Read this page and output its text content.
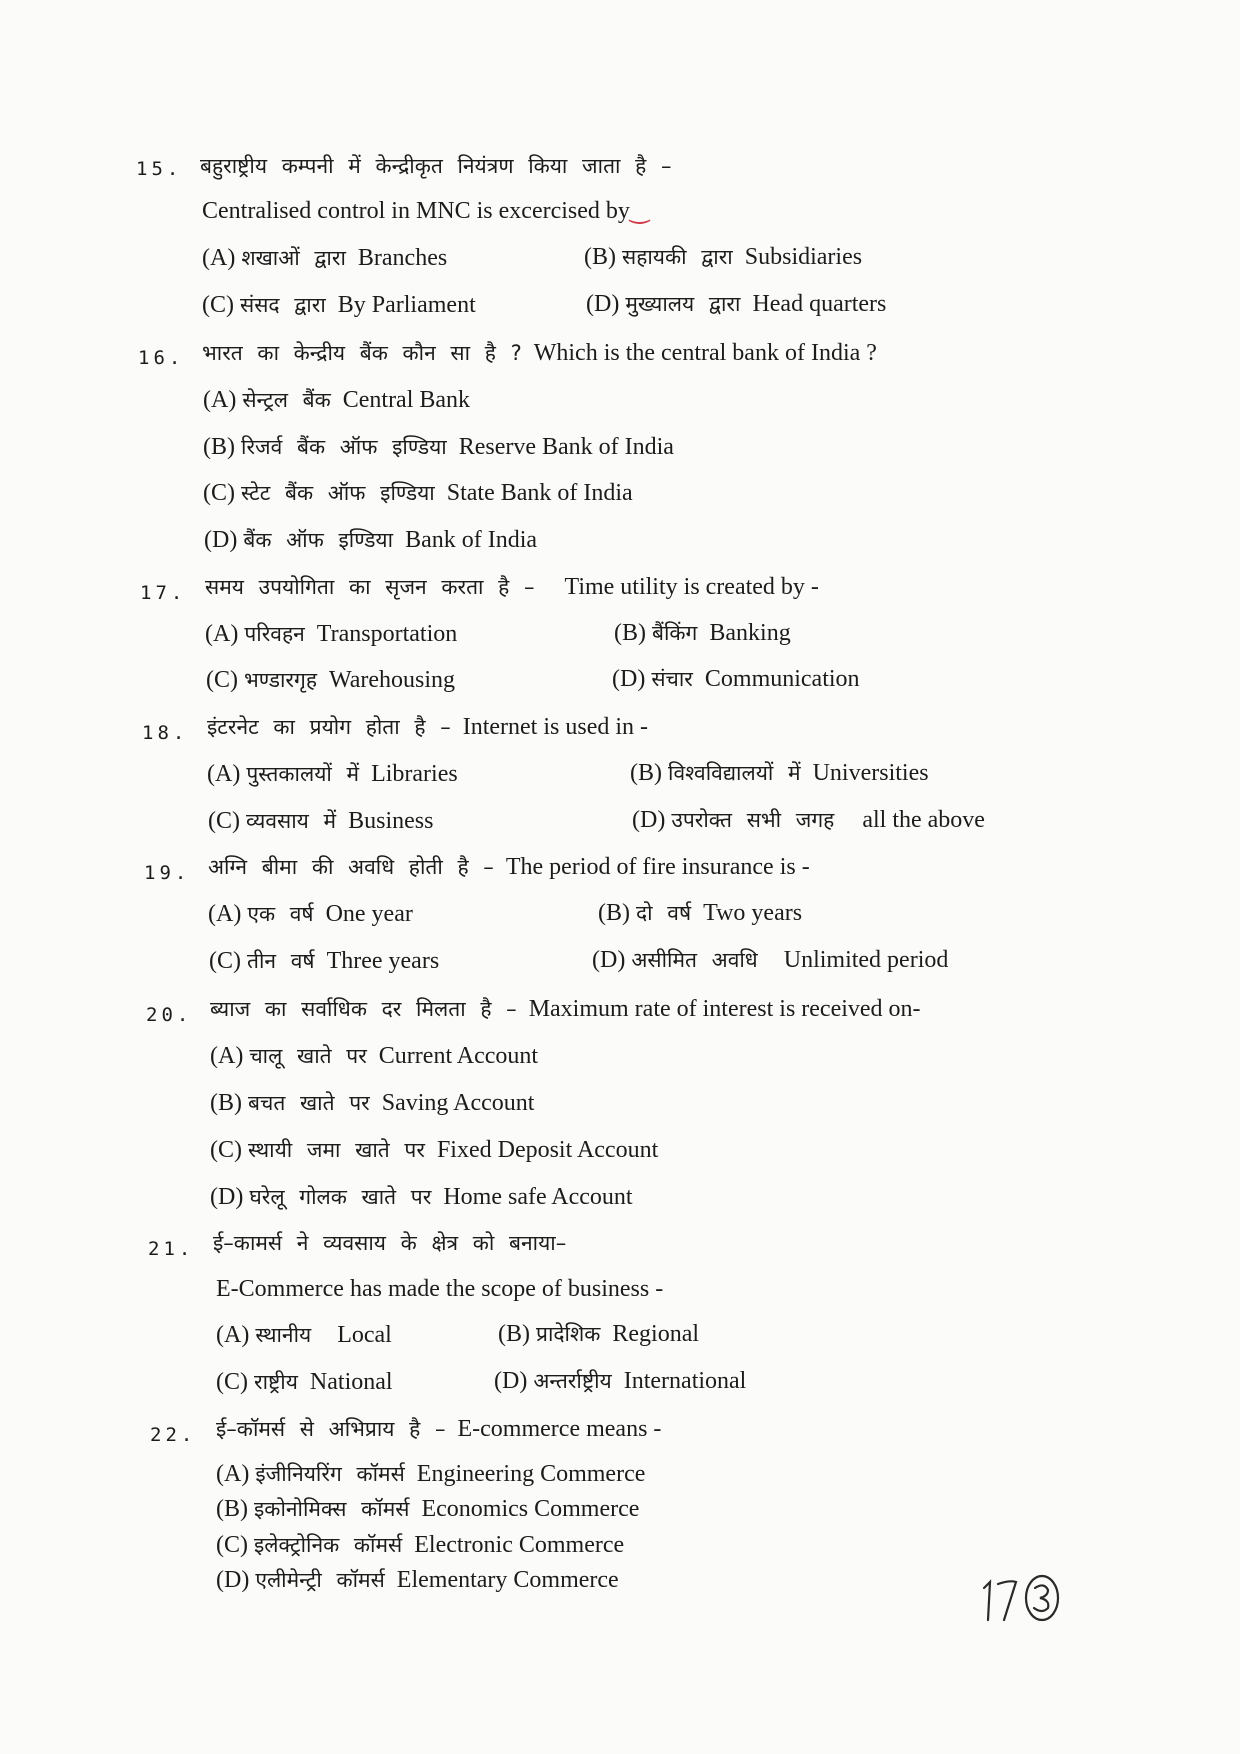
15. बहुराष्ट्रीय कम्पनी में केन्द्रीकृत नियंत्रण किया जाता है –
Centralised control in MNC is excercised by‿
(A) शखाओं द्वारा Branches	(B) सहायकी द्वारा Subsidiaries
(C) संसद द्वारा By Parliament	(D) मुख्यालय द्वारा Head quarters
16. भारत का केन्द्रीय बैंक कौन सा है ? Which is the central bank of India ?
(A) सेन्ट्रल बैंक Central Bank
(B) रिजर्व बैंक ऑफ इण्डिया Reserve Bank of India
(C) स्टेट बैंक ऑफ इण्डिया State Bank of India
(D) बैंक ऑफ इण्डिया Bank of India
17. समय उपयोगिता का सृजन करता है – Time utility is created by -
(A) परिवहन Transportation	(B) बैंकिंग Banking
(C) भण्डारगृह Warehousing	(D) संचार Communication
18. इंटरनेट का प्रयोग होता है – Internet is used in -
(A) पुस्तकालयों में Libraries	(B) विश्वविद्यालयों में Universities
(C) व्यवसाय में Business	(D) उपरोक्त सभी जगह all the above
19. अग्नि बीमा की अवधि होती है – The period of fire insurance is -
(A) एक वर्ष One year	(B) दो वर्ष Two years
(C) तीन वर्ष Three years	(D) असीमित अवधि Unlimited period
20. ब्याज का सर्वाधिक दर मिलता है – Maximum rate of interest is received on-
(A) चालू खाते पर Current Account
(B) बचत खाते पर Saving Account
(C) स्थायी जमा खाते पर Fixed Deposit Account
(D) घरेलू गोलक खाते पर Home safe Account
21. ई–कामर्स ने व्यवसाय के क्षेत्र को बनाया–
E-Commerce has made the scope of business -
(A) स्थानीय Local	(B) प्रादेशिक Regional
(C) राष्ट्रीय National	(D) अन्तर्राष्ट्रीय International
22. ई–कॉमर्स से अभिप्राय है – E-commerce means -
(A) इंजीनियरिंग कॉमर्स Engineering Commerce
(B) इकोनोमिक्स कॉमर्स Economics Commerce
(C) इलेक्ट्रोनिक कॉमर्स Electronic Commerce
(D) एलीमेन्ट्री कॉमर्स Elementary Commerce
